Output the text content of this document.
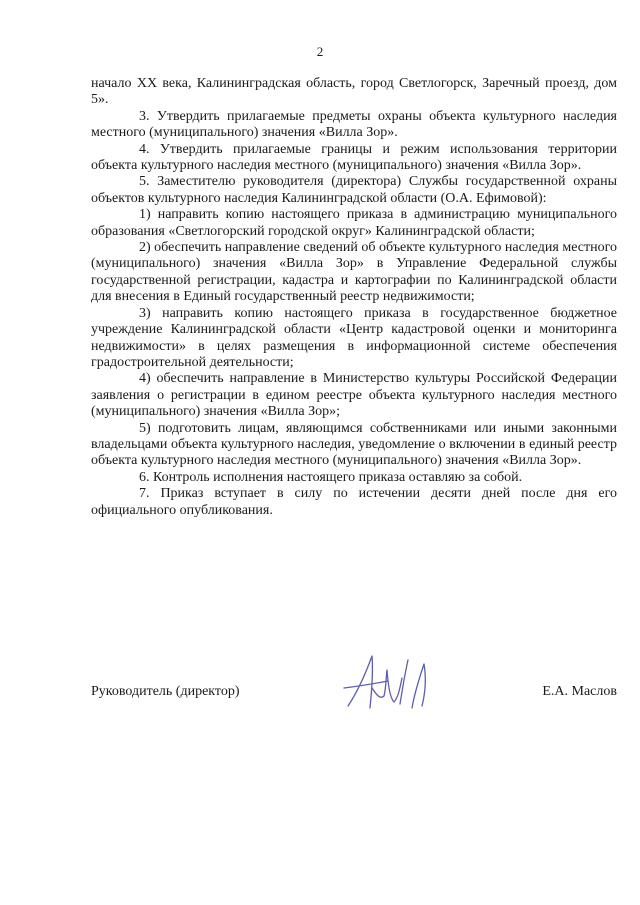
2

начало XX века, Калининградская область, город Светлогорск, Заречный проезд, дом 5».

3. Утвердить прилагаемые предметы охраны объекта культурного наследия местного (муниципального) значения «Вилла Зор».

4. Утвердить прилагаемые границы и режим использования территории объекта культурного наследия местного (муниципального) значения «Вилла Зор».

5. Заместителю руководителя (директора) Службы государственной охраны объектов культурного наследия Калининградской области (О.А. Ефимовой):

1) направить копию настоящего приказа в администрацию муниципального образования «Светлогорский городской округ» Калининградской области;

2) обеспечить направление сведений об объекте культурного наследия местного (муниципального) значения «Вилла Зор» в Управление Федеральной службы государственной регистрации, кадастра и картографии по Калининградской области для внесения в Единый государственный реестр недвижимости;

3) направить копию настоящего приказа в государственное бюджетное учреждение Калининградской области «Центр кадастровой оценки и мониторинга недвижимости» в целях размещения в информационной системе обеспечения градостроительной деятельности;

4) обеспечить направление в Министерство культуры Российской Федерации заявления о регистрации в едином реестре объекта культурного наследия местного (муниципального) значения «Вилла Зор»;

5) подготовить лицам, являющимся собственниками или иными законными владельцами объекта культурного наследия, уведомление о включении в единый реестр объекта культурного наследия местного (муниципального) значения «Вилла Зор».

6. Контроль исполнения настоящего приказа оставляю за собой.

7. Приказ вступает в силу по истечении десяти дней после дня его официального опубликования.

Руководитель (директор)	Е.А. Маслов
